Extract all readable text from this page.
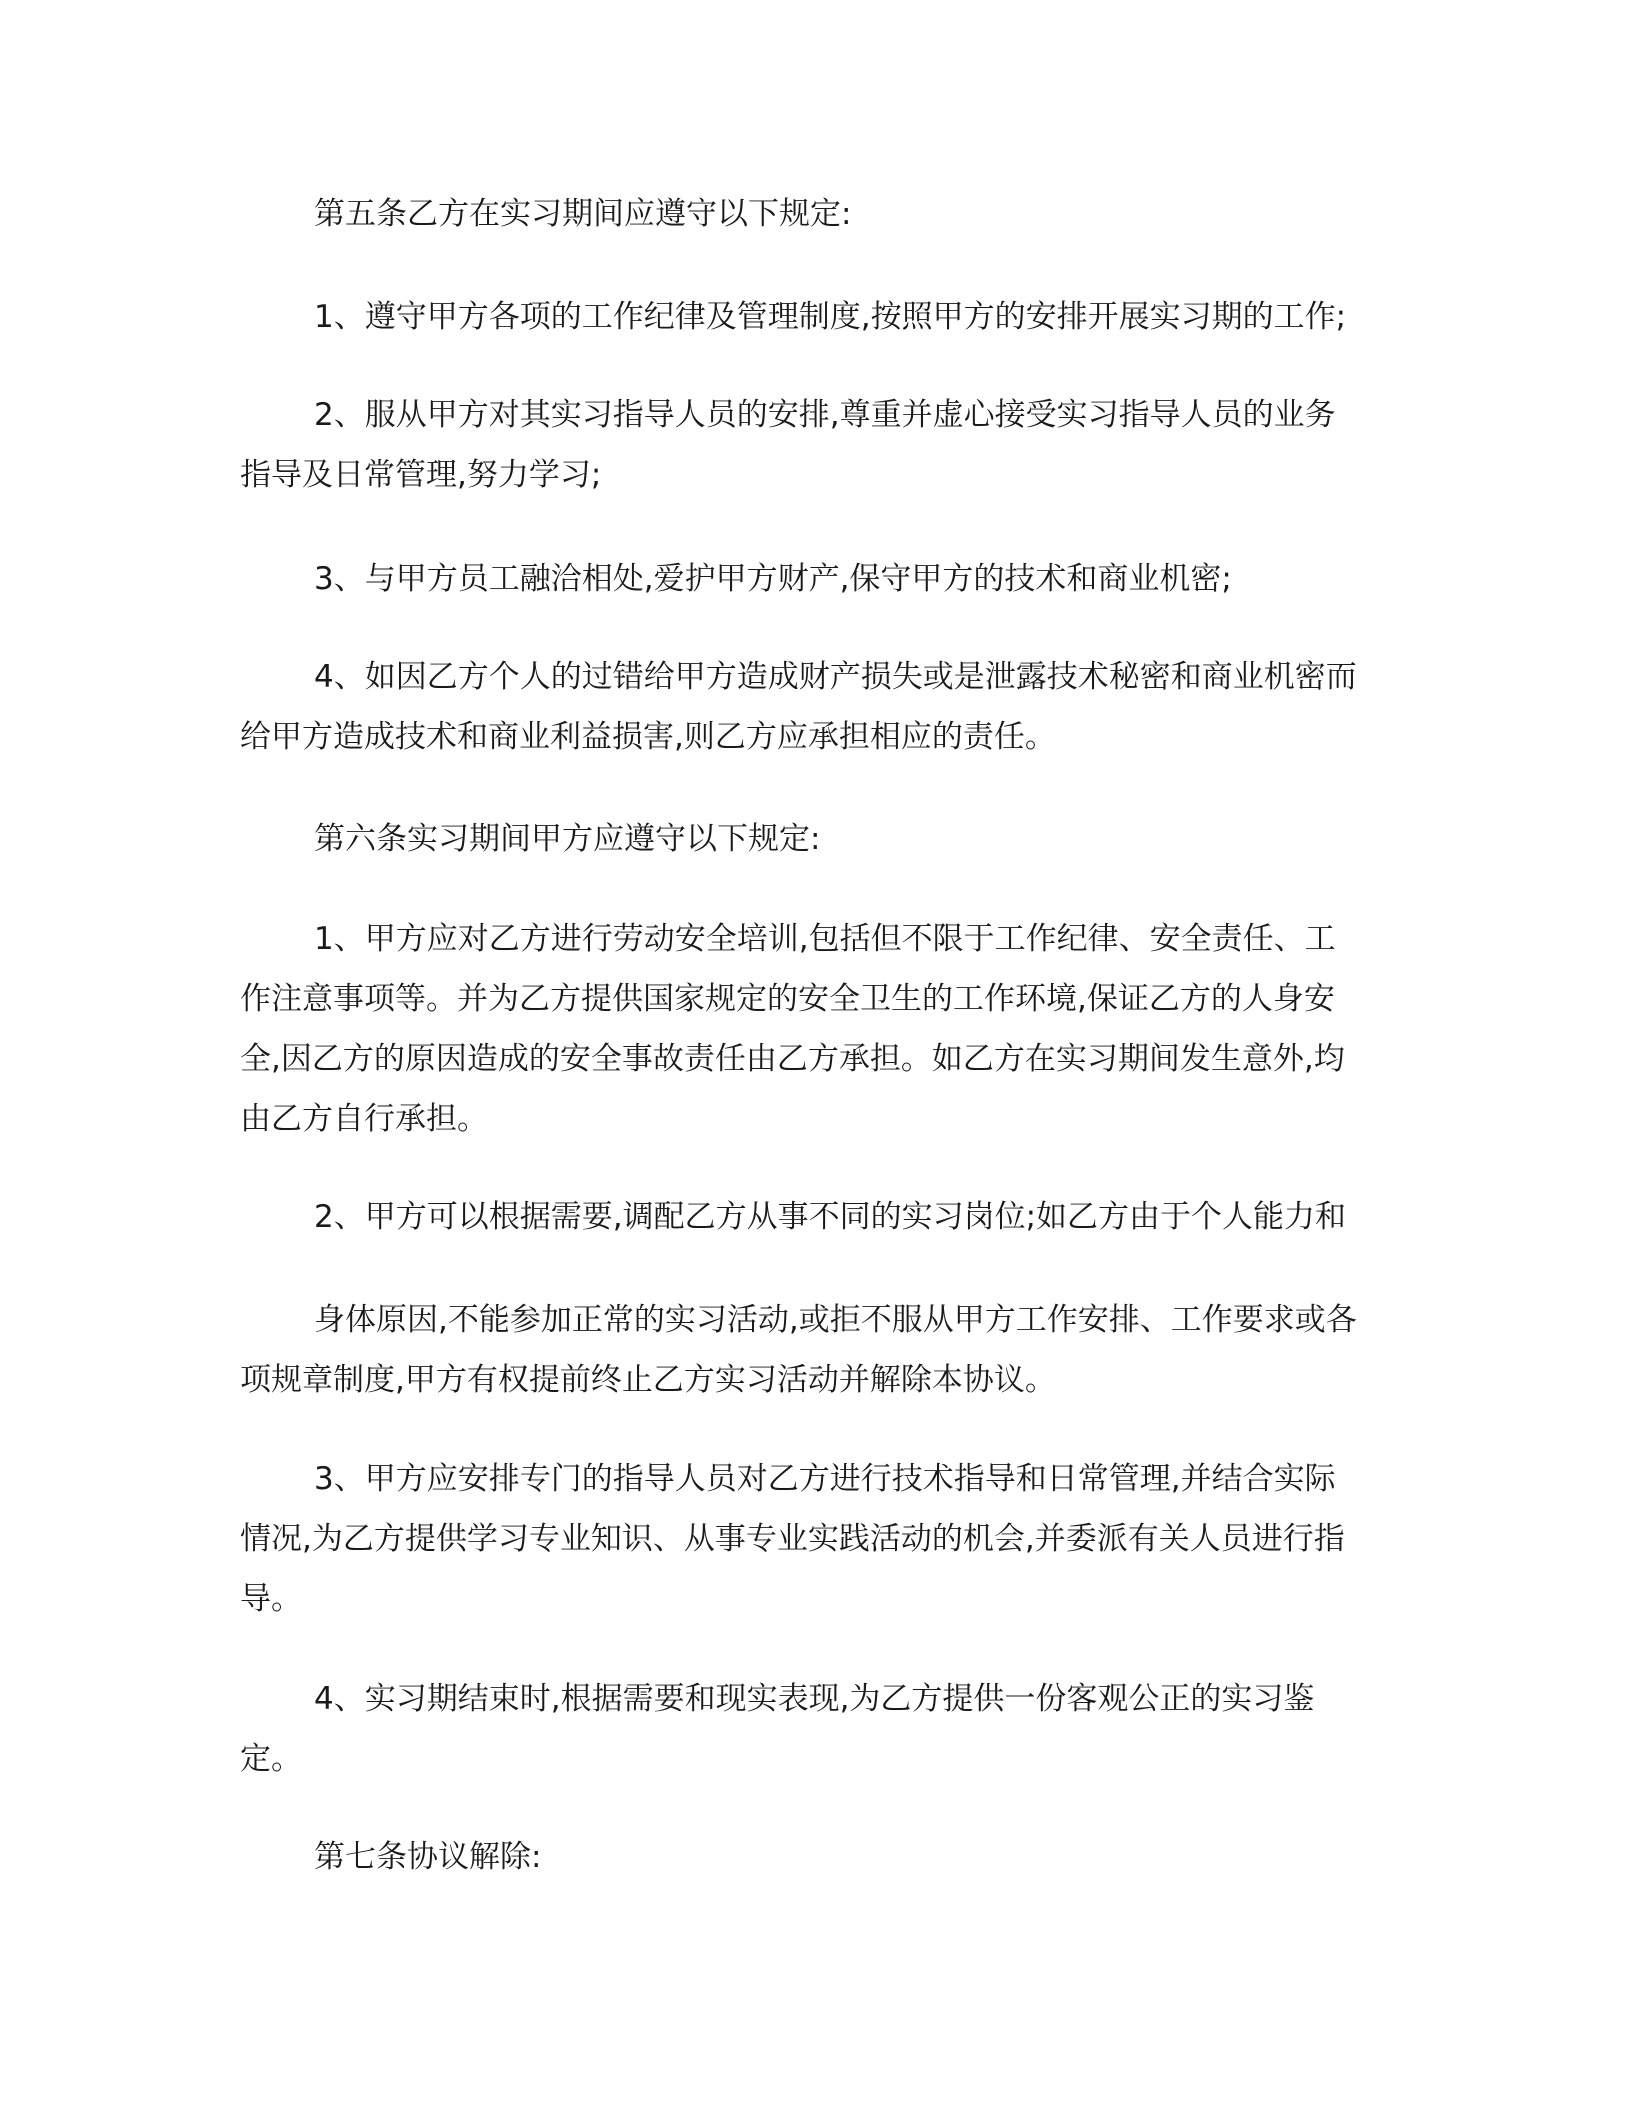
第五条乙方在实习期间应遵守以下规定:
1、遵守甲方各项的工作纪律及管理制度,按照甲方的安排开展实习期的工作;
2、服从甲方对其实习指导人员的安排,尊重并虚心接受实习指导人员的业务
指导及日常管理,努力学习;
3、与甲方员工融洽相处,爱护甲方财产,保守甲方的技术和商业机密;
4、如因乙方个人的过错给甲方造成财产损失或是泄露技术秘密和商业机密而
给甲方造成技术和商业利益损害,则乙方应承担相应的责任。
第六条实习期间甲方应遵守以下规定:
1、甲方应对乙方进行劳动安全培训,包括但不限于工作纪律、安全责任、工
作注意事项等。并为乙方提供国家规定的安全卫生的工作环境,保证乙方的人身安
全,因乙方的原因造成的安全事故责任由乙方承担。如乙方在实习期间发生意外,均
由乙方自行承担。
2、甲方可以根据需要,调配乙方从事不同的实习岗位;如乙方由于个人能力和
身体原因,不能参加正常的实习活动,或拒不服从甲方工作安排、工作要求或各
项规章制度,甲方有权提前终止乙方实习活动并解除本协议。
3、甲方应安排专门的指导人员对乙方进行技术指导和日常管理,并结合实际
情况,为乙方提供学习专业知识、从事专业实践活动的机会,并委派有关人员进行指
导。
4、实习期结束时,根据需要和现实表现,为乙方提供一份客观公正的实习鉴
定。
第七条协议解除:
